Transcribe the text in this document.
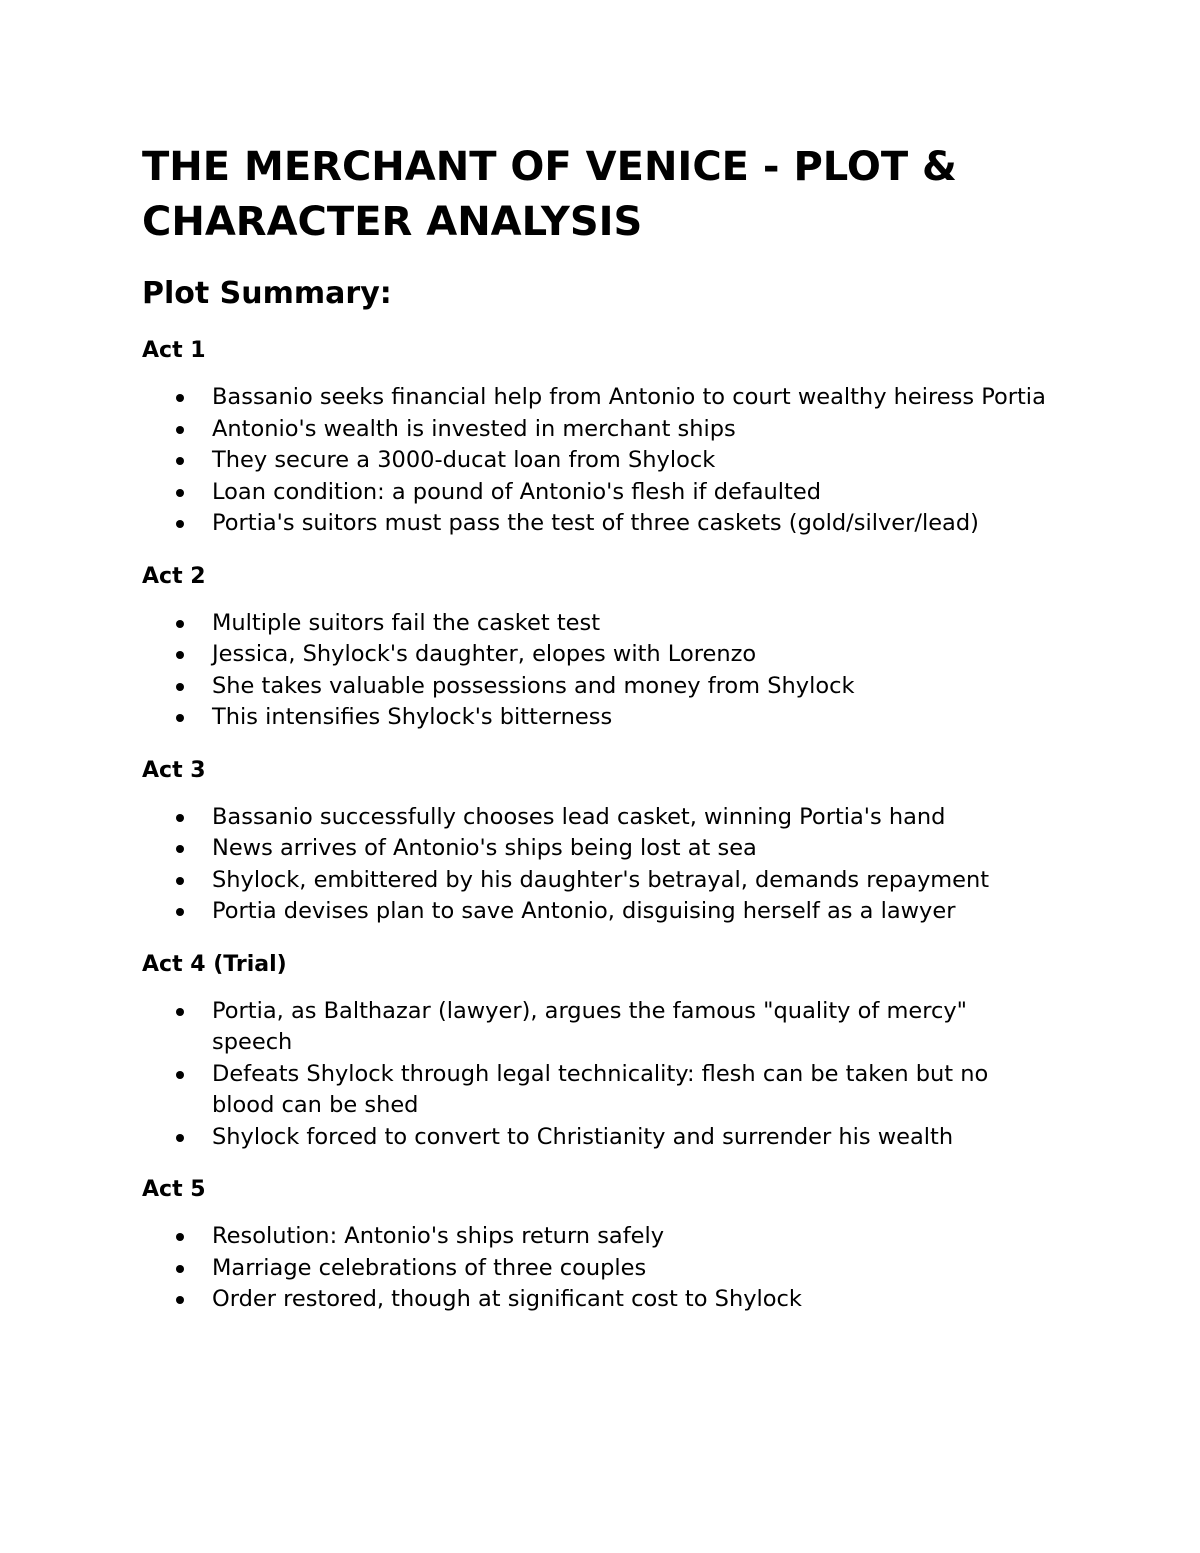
THE MERCHANT OF VENICE - PLOT &
CHARACTER ANALYSIS
Plot Summary:
Act 1
Bassanio seeks financial help from Antonio to court wealthy heiress Portia
Antonio's wealth is invested in merchant ships
They secure a 3000-ducat loan from Shylock
Loan condition: a pound of Antonio's flesh if defaulted
Portia's suitors must pass the test of three caskets (gold/silver/lead)
Act 2
Multiple suitors fail the casket test
Jessica, Shylock's daughter, elopes with Lorenzo
She takes valuable possessions and money from Shylock
This intensifies Shylock's bitterness
Act 3
Bassanio successfully chooses lead casket, winning Portia's hand
News arrives of Antonio's ships being lost at sea
Shylock, embittered by his daughter's betrayal, demands repayment
Portia devises plan to save Antonio, disguising herself as a lawyer
Act 4 (Trial)
Portia, as Balthazar (lawyer), argues the famous "quality of mercy" speech
Defeats Shylock through legal technicality: flesh can be taken but no blood can be shed
Shylock forced to convert to Christianity and surrender his wealth
Act 5
Resolution: Antonio's ships return safely
Marriage celebrations of three couples
Order restored, though at significant cost to Shylock
